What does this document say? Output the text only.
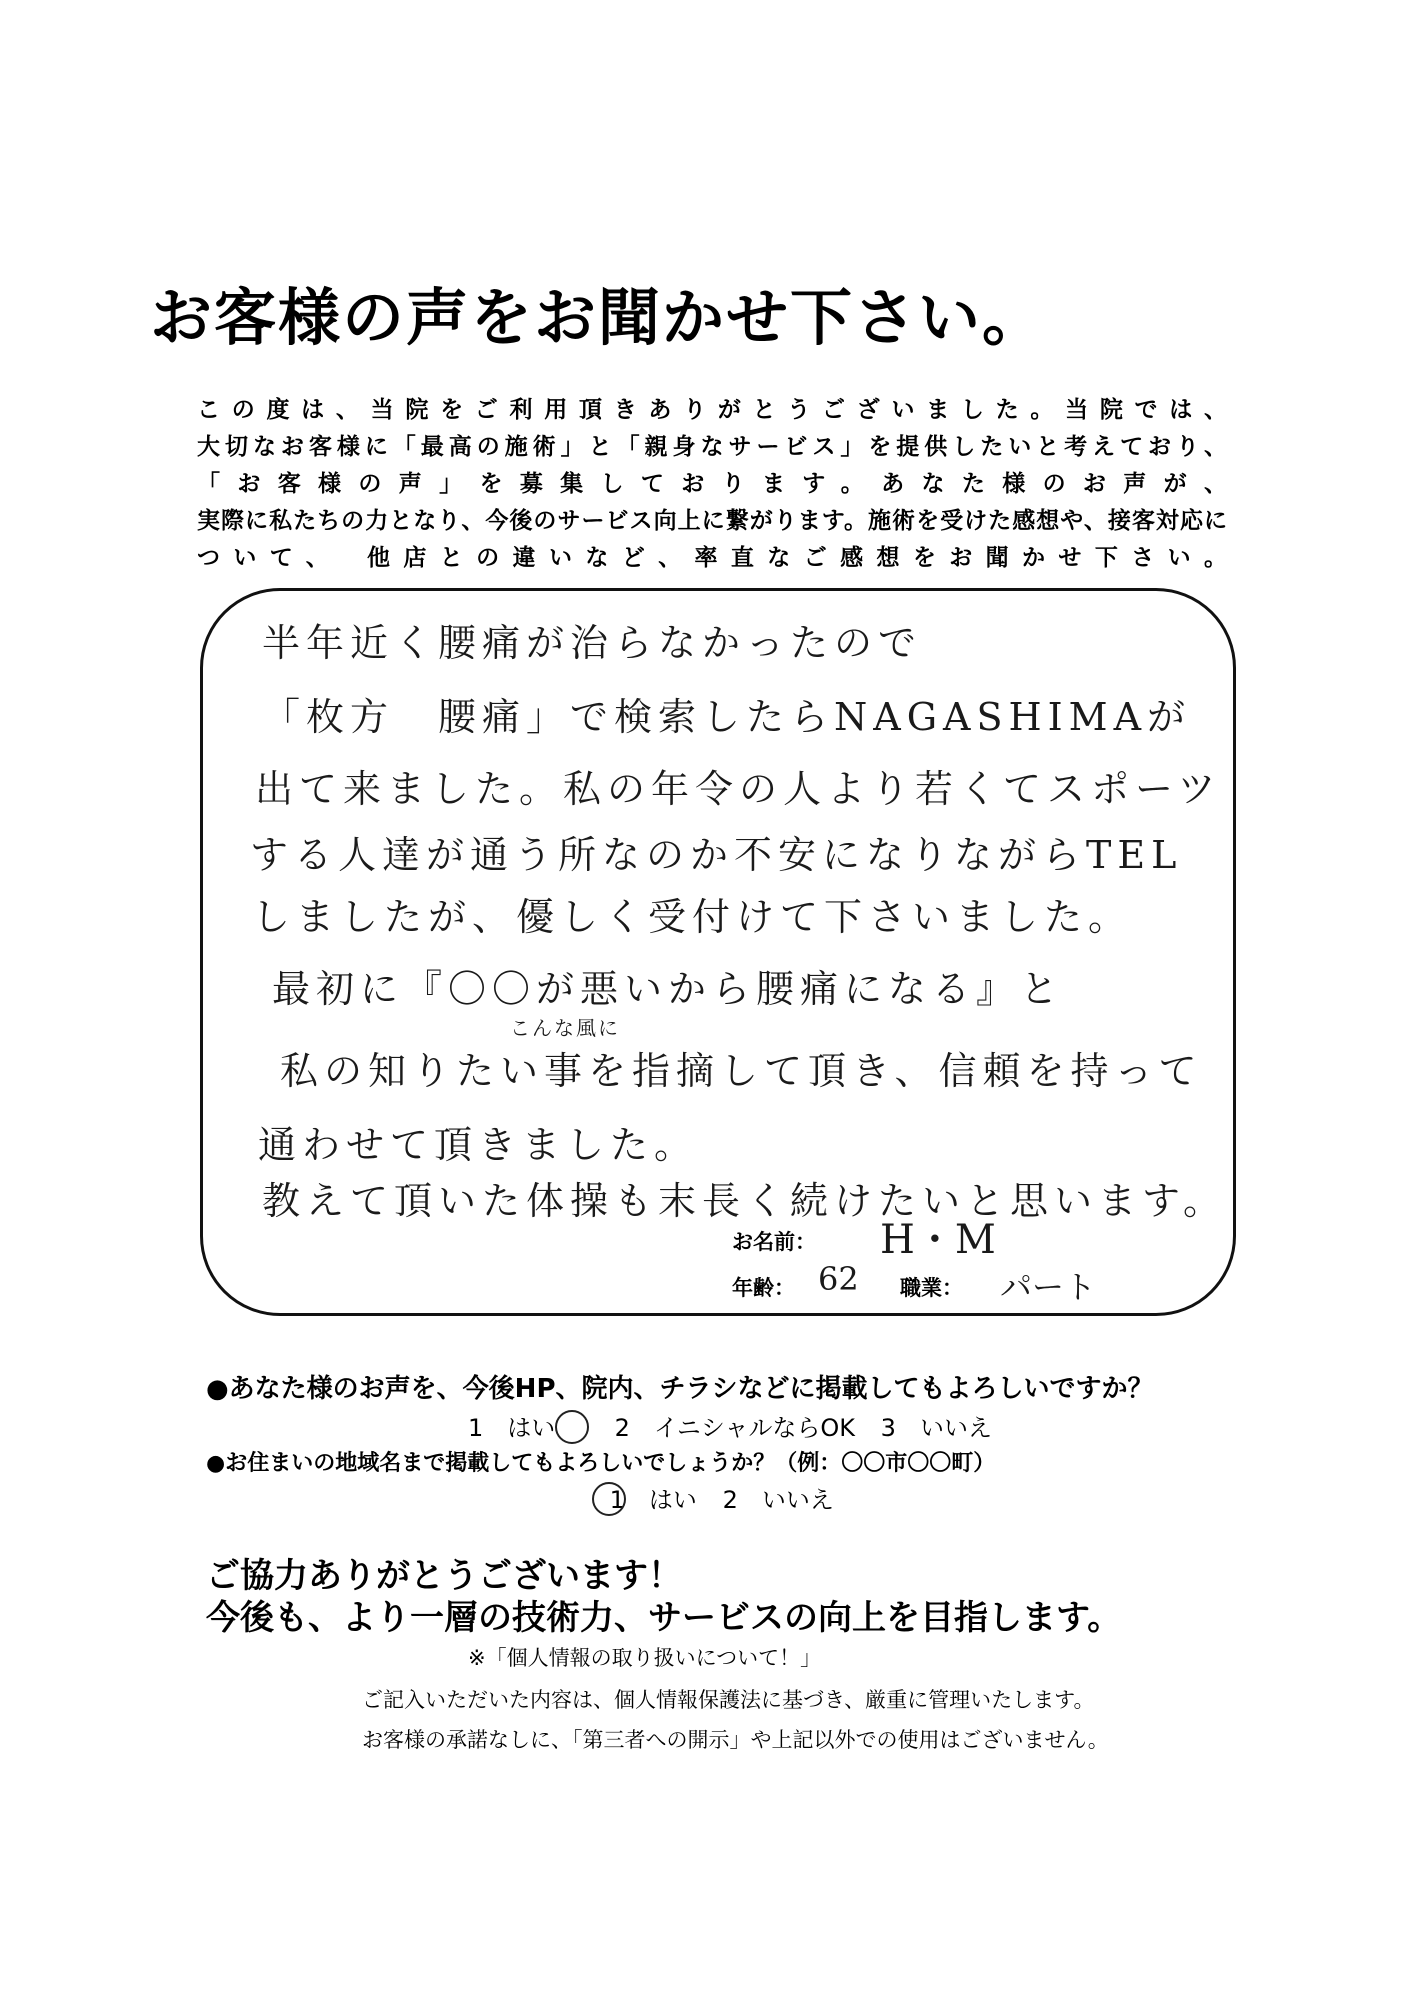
お客様の声をお聞かせ下さい。
この度は、当院をご利用頂きありがとうございました。当院では、
大切なお客様に「最高の施術」と「親身なサービス」を提供したいと考えており、
「お客様の声」を募集しております。あなた様のお声が、
実際に私たちの力となり、今後のサービス向上に繋がります。施術を受けた感想や、接客対応に
ついて、　他店との違いなど、率直なご感想をお聞かせ下さい。
半年近く腰痛が治らなかったので
「枚方　腰痛」で検索したらNAGASHIMAが
出て来ました。私の年令の人より若くてスポーツ
する人達が通う所なのか不安になりながらTEL
しましたが、優しく受付けて下さいました。
最初に『〇〇が悪いから腰痛になる』と
こんな風に
私の知りたい事を指摘して頂き、信頼を持って
通わせて頂きました。
教えて頂いた体操も末長く続けたいと思います。
お名前： H・M
年齢： 62 職業： パート
●あなた様のお声を、今後HP、院内、チラシなどに掲載してもよろしいですか？
1　はい 2　イニシャルならOK 3　いいえ
●お住まいの地域名まで掲載してもよろしいでしょうか？（例：〇〇市〇〇町）
1　はい 2　いいえ
ご協力ありがとうございます！
今後も、より一層の技術力、サービスの向上を目指します。
※「個人情報の取り扱いについて！」
ご記入いただいた内容は、個人情報保護法に基づき、厳重に管理いたします。
お客様の承諾なしに、「第三者への開示」や上記以外での使用はございません。
